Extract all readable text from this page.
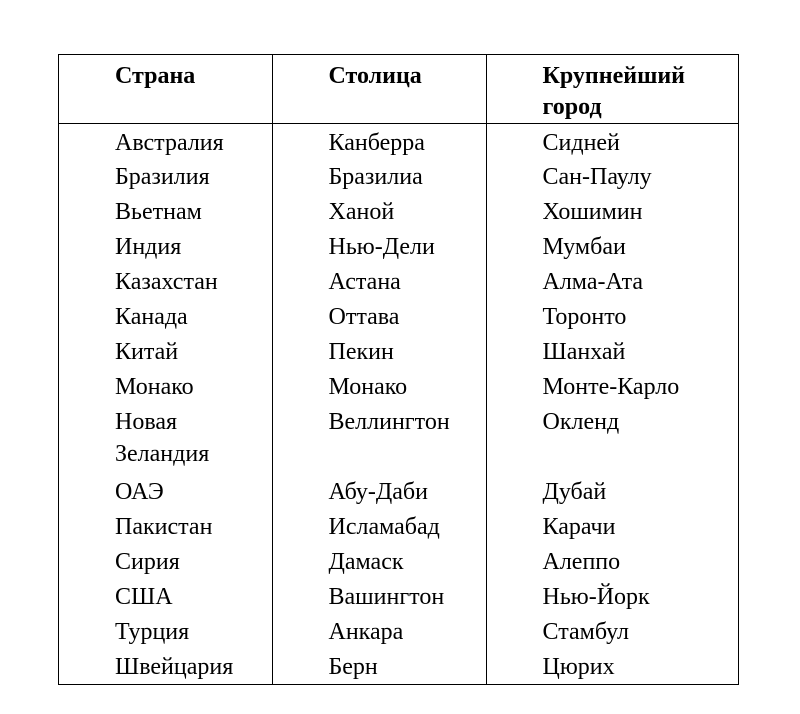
Страна	Столица	Крупнейший город
Австралия	Канберра	Сидней
Бразилия	Бразилиа	Сан-Паулу
Вьетнам	Ханой	Хошимин
Индия	Нью-Дели	Мумбаи
Казахстан	Астана	Алма-Ата
Канада	Оттава	Торонто
Китай	Пекин	Шанхай
Монако	Монако	Монте-Карло
Новая Зеландия	Веллингтон	Окленд
ОАЭ	Абу-Даби	Дубай
Пакистан	Исламабад	Карачи
Сирия	Дамаск	Алеппо
США	Вашингтон	Нью-Йорк
Турция	Анкара	Стамбул
Швейцария	Берн	Цюрих
